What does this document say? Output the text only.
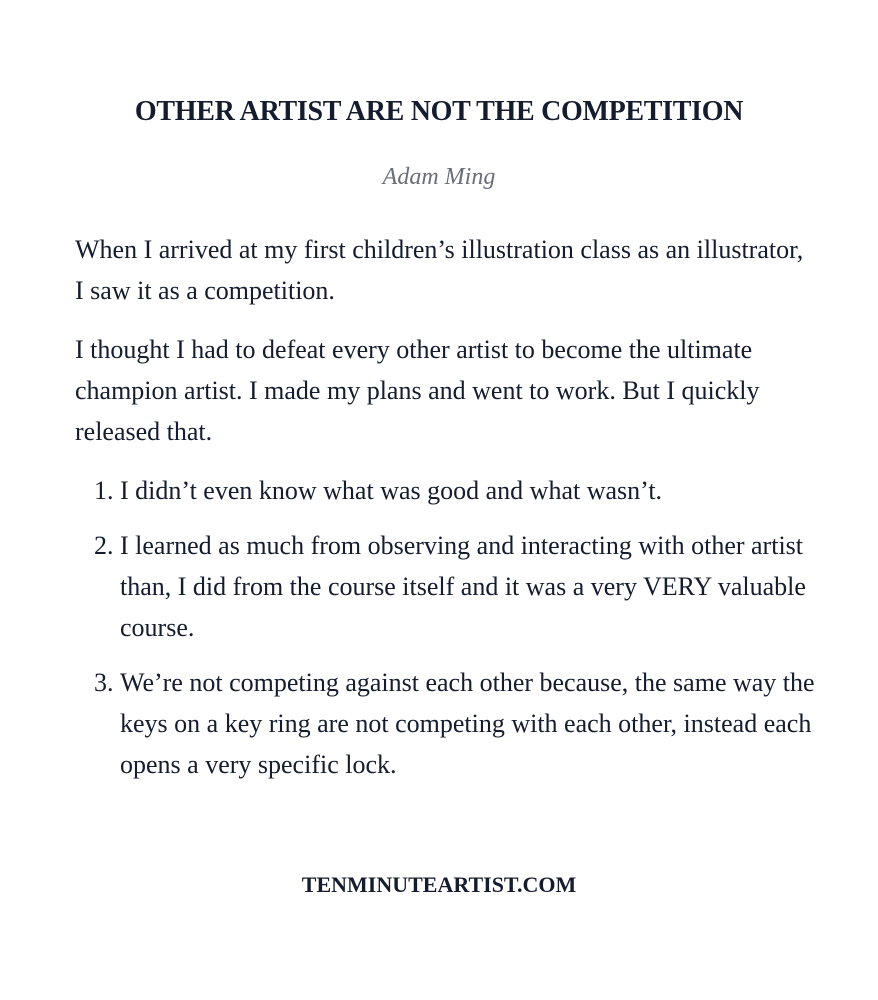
OTHER ARTIST ARE NOT THE COMPETITION
Adam Ming

When I arrived at my first children’s illustration class as an illustrator, I saw it as a competition.

I thought I had to defeat every other artist to become the ultimate champion artist. I made my plans and went to work. But I quickly released that.

1. I didn’t even know what was good and what wasn’t.
2. I learned as much from observing and interacting with other artist than, I did from the course itself and it was a very VERY valuable course.
3. We’re not competing against each other because, the same way the keys on a key ring are not competing with each other, instead each opens a very specific lock.
TENMINUTEARTIST.COM
